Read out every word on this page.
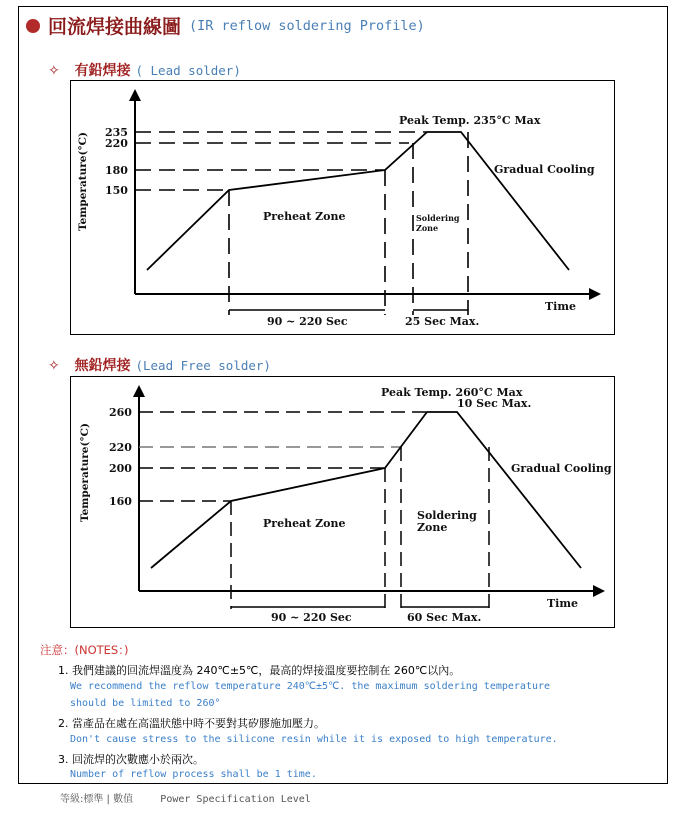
回流焊接曲線圖 (IR reflow soldering Profile)
✧ 有鉛焊接 ( Lead solder)
235
220
180
150
Temperature(°C)
Time
Peak Temp. 235°C Max
Gradual Cooling
Preheat Zone	Soldering
Zone
90 ~ 220 Sec	25 Sec Max.
✧ 無鉛焊接 (Lead Free solder)
260
220
200
160
Temperature(°C)
Time
Peak Temp. 260°C Max
10 Sec Max.
Gradual Cooling
Preheat Zone
Soldering
Zone
90 ~ 220 Sec	60 Sec Max.
注意：(NOTES：)
1. 我們建議的回流焊溫度為 240℃±5℃，最高的焊接溫度要控制在 260℃以內。
We recommend the reflow temperature 240℃±5℃. the maximum soldering temperature
should be limited to 260°
2. 當產品在處在高溫狀態中時不要對其矽膠施加壓力。
Don't cause stress to the silicone resin while it is exposed to high temperature.
3. 回流焊的次數應小於兩次。
Number of reflow process shall be 1 time.
等級:標準 | 數值	Power Specification Level
